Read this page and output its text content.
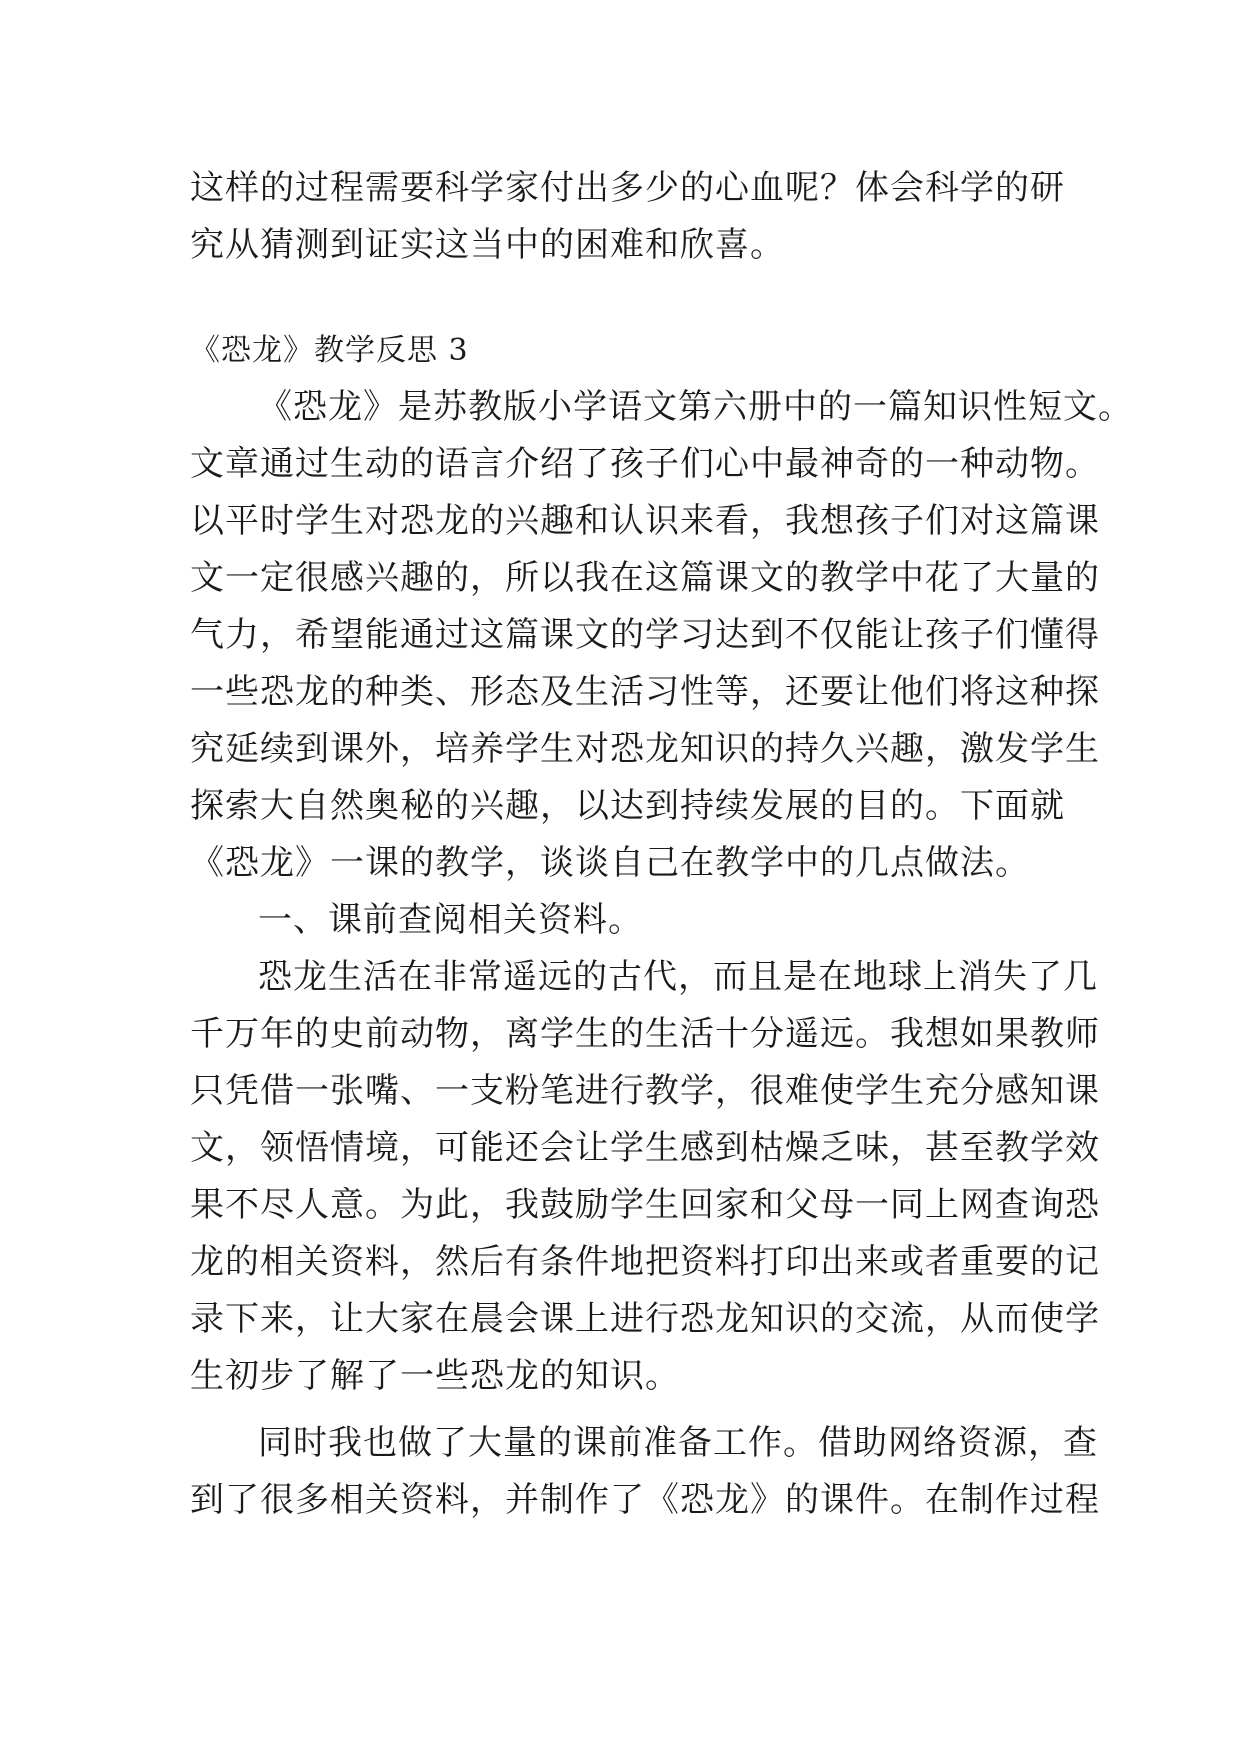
这样的过程需要科学家付出多少的心血呢？体会科学的研
究从猜测到证实这当中的困难和欣喜。
《恐龙》教学反思 3
《恐龙》是苏教版小学语文第六册中的一篇知识性短文。
文章通过生动的语言介绍了孩子们心中最神奇的一种动物。
以平时学生对恐龙的兴趣和认识来看，我想孩子们对这篇课
文一定很感兴趣的，所以我在这篇课文的教学中花了大量的
气力，希望能通过这篇课文的学习达到不仅能让孩子们懂得
一些恐龙的种类、形态及生活习性等，还要让他们将这种探
究延续到课外，培养学生对恐龙知识的持久兴趣，激发学生
探索大自然奥秘的兴趣，以达到持续发展的目的。下面就
《恐龙》一课的教学，谈谈自己在教学中的几点做法。
一、课前查阅相关资料。
恐龙生活在非常遥远的古代，而且是在地球上消失了几
千万年的史前动物，离学生的生活十分遥远。我想如果教师
只凭借一张嘴、一支粉笔进行教学，很难使学生充分感知课
文，领悟情境，可能还会让学生感到枯燥乏味，甚至教学效
果不尽人意。为此，我鼓励学生回家和父母一同上网查询恐
龙的相关资料，然后有条件地把资料打印出来或者重要的记
录下来，让大家在晨会课上进行恐龙知识的交流，从而使学
生初步了解了一些恐龙的知识。
同时我也做了大量的课前准备工作。借助网络资源，查
到了很多相关资料，并制作了《恐龙》的课件。在制作过程
